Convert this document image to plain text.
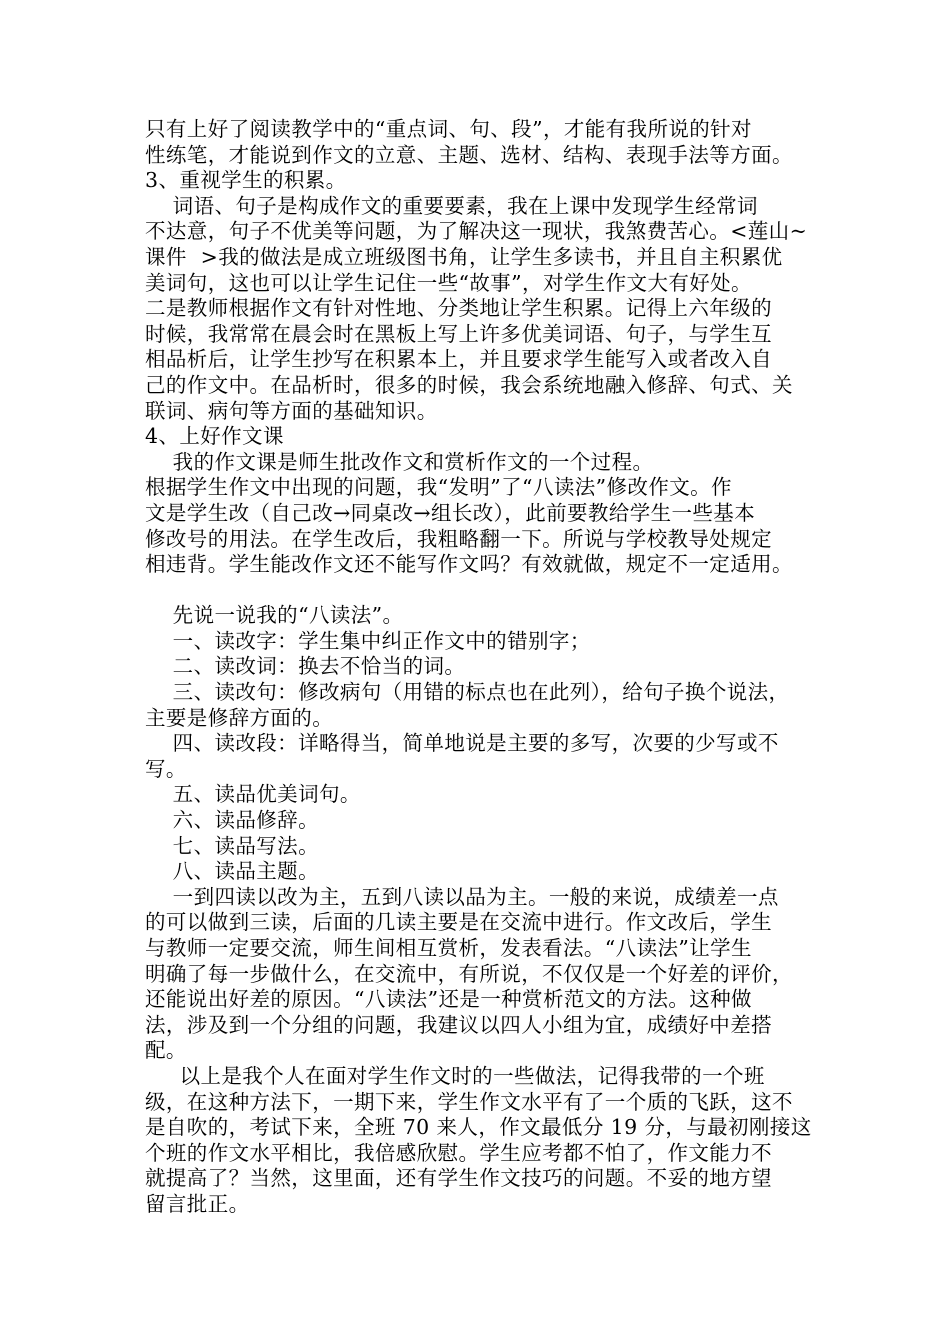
只有上好了阅读教学中的“重点词、句、段”，才能有我所说的针对
性练笔，才能说到作文的立意、主题、选材、结构、表现手法等方面。
3、重视学生的积累。
词语、句子是构成作文的重要要素，我在上课中发现学生经常词
不达意，句子不优美等问题，为了解决这一现状，我煞费苦心。<莲山~
课件  >我的做法是成立班级图书角，让学生多读书，并且自主积累优
美词句，这也可以让学生记住一些“故事”，对学生作文大有好处。
二是教师根据作文有针对性地、分类地让学生积累。记得上六年级的
时候，我常常在晨会时在黑板上写上许多优美词语、句子，与学生互
相品析后，让学生抄写在积累本上，并且要求学生能写入或者改入自
己的作文中。在品析时，很多的时候，我会系统地融入修辞、句式、关
联词、病句等方面的基础知识。
4、上好作文课
我的作文课是师生批改作文和赏析作文的一个过程。
根据学生作文中出现的问题，我“发明”了“八读法”修改作文。作
文是学生改（自己改→同桌改→组长改），此前要教给学生一些基本
修改号的用法。在学生改后，我粗略翻一下。所说与学校教导处规定
相违背。学生能改作文还不能写作文吗？有效就做，规定不一定适用。
先说一说我的“八读法”。
一、读改字：学生集中纠正作文中的错别字；
二、读改词：换去不恰当的词。
三、读改句：修改病句（用错的标点也在此列），给句子换个说法，
主要是修辞方面的。
四、读改段：详略得当，简单地说是主要的多写，次要的少写或不
写。
五、读品优美词句。
六、读品修辞。
七、读品写法。
八、读品主题。
一到四读以改为主，五到八读以品为主。一般的来说，成绩差一点
的可以做到三读，后面的几读主要是在交流中进行。作文改后，学生
与教师一定要交流，师生间相互赏析，发表看法。“八读法”让学生
明确了每一步做什么，在交流中，有所说，不仅仅是一个好差的评价，
还能说出好差的原因。“八读法”还是一种赏析范文的方法。这种做
法，涉及到一个分组的问题，我建议以四人小组为宜，成绩好中差搭
配。
以上是我个人在面对学生作文时的一些做法，记得我带的一个班
级，在这种方法下，一期下来，学生作文水平有了一个质的飞跃，这不
是自吹的，考试下来，全班 70 来人，作文最低分 19 分，与最初刚接这
个班的作文水平相比，我倍感欣慰。学生应考都不怕了，作文能力不
就提高了？当然，这里面，还有学生作文技巧的问题。不妥的地方望
留言批正。
